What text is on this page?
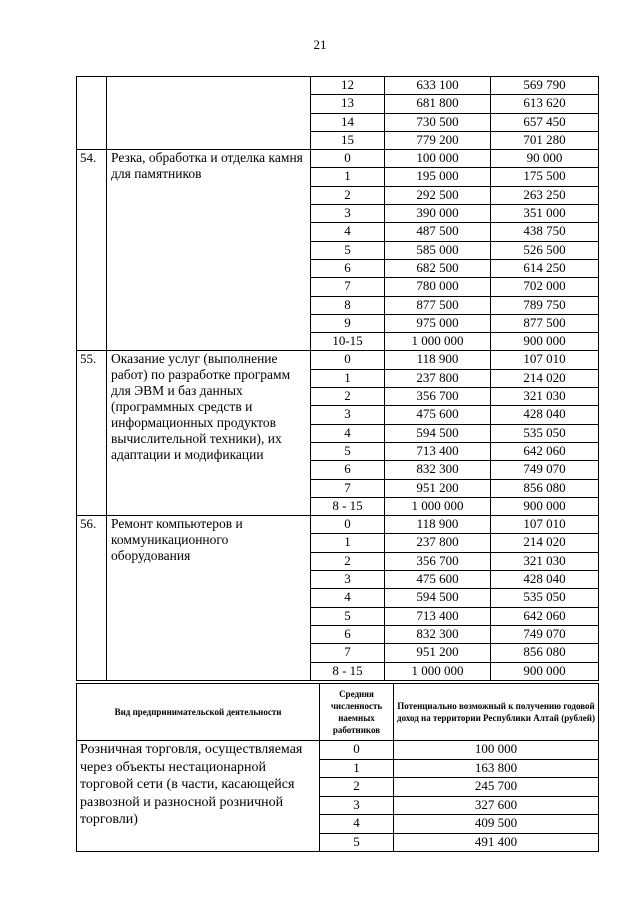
21
		12	633 100	569 790
		13	681 800	613 620
		14	730 500	657 450
		15	779 200	701 280
54.	Резка, обработка и отделка камня для памятников	0	100 000	90 000
		1	195 000	175 500
		2	292 500	263 250
		3	390 000	351 000
		4	487 500	438 750
		5	585 000	526 500
		6	682 500	614 250
		7	780 000	702 000
		8	877 500	789 750
		9	975 000	877 500
		10-15	1 000 000	900 000
55.	Оказание услуг (выполнение работ) по разработке программ для ЭВМ и баз данных (программных средств и информационных продуктов вычислительной техники), их адаптации и модификации	0	118 900	107 010
		1	237 800	214 020
		2	356 700	321 030
		3	475 600	428 040
		4	594 500	535 050
		5	713 400	642 060
		6	832 300	749 070
		7	951 200	856 080
		8 - 15	1 000 000	900 000
56.	Ремонт компьютеров и коммуникационного оборудования	0	118 900	107 010
		1	237 800	214 020
		2	356 700	321 030
		3	475 600	428 040
		4	594 500	535 050
		5	713 400	642 060
		6	832 300	749 070
		7	951 200	856 080
		8 - 15	1 000 000	900 000
Вид предпринимательской деятельности	Средняя численность наемных работников	Потенциально возможный к получению годовой доход на территории Республики Алтай (рублей)
Розничная торговля, осуществляемая через объекты нестационарной торговой сети (в части, касающейся развозной и разносной розничной торговли)	0	100 000
	1	163 800
	2	245 700
	3	327 600
	4	409 500
	5	491 400
